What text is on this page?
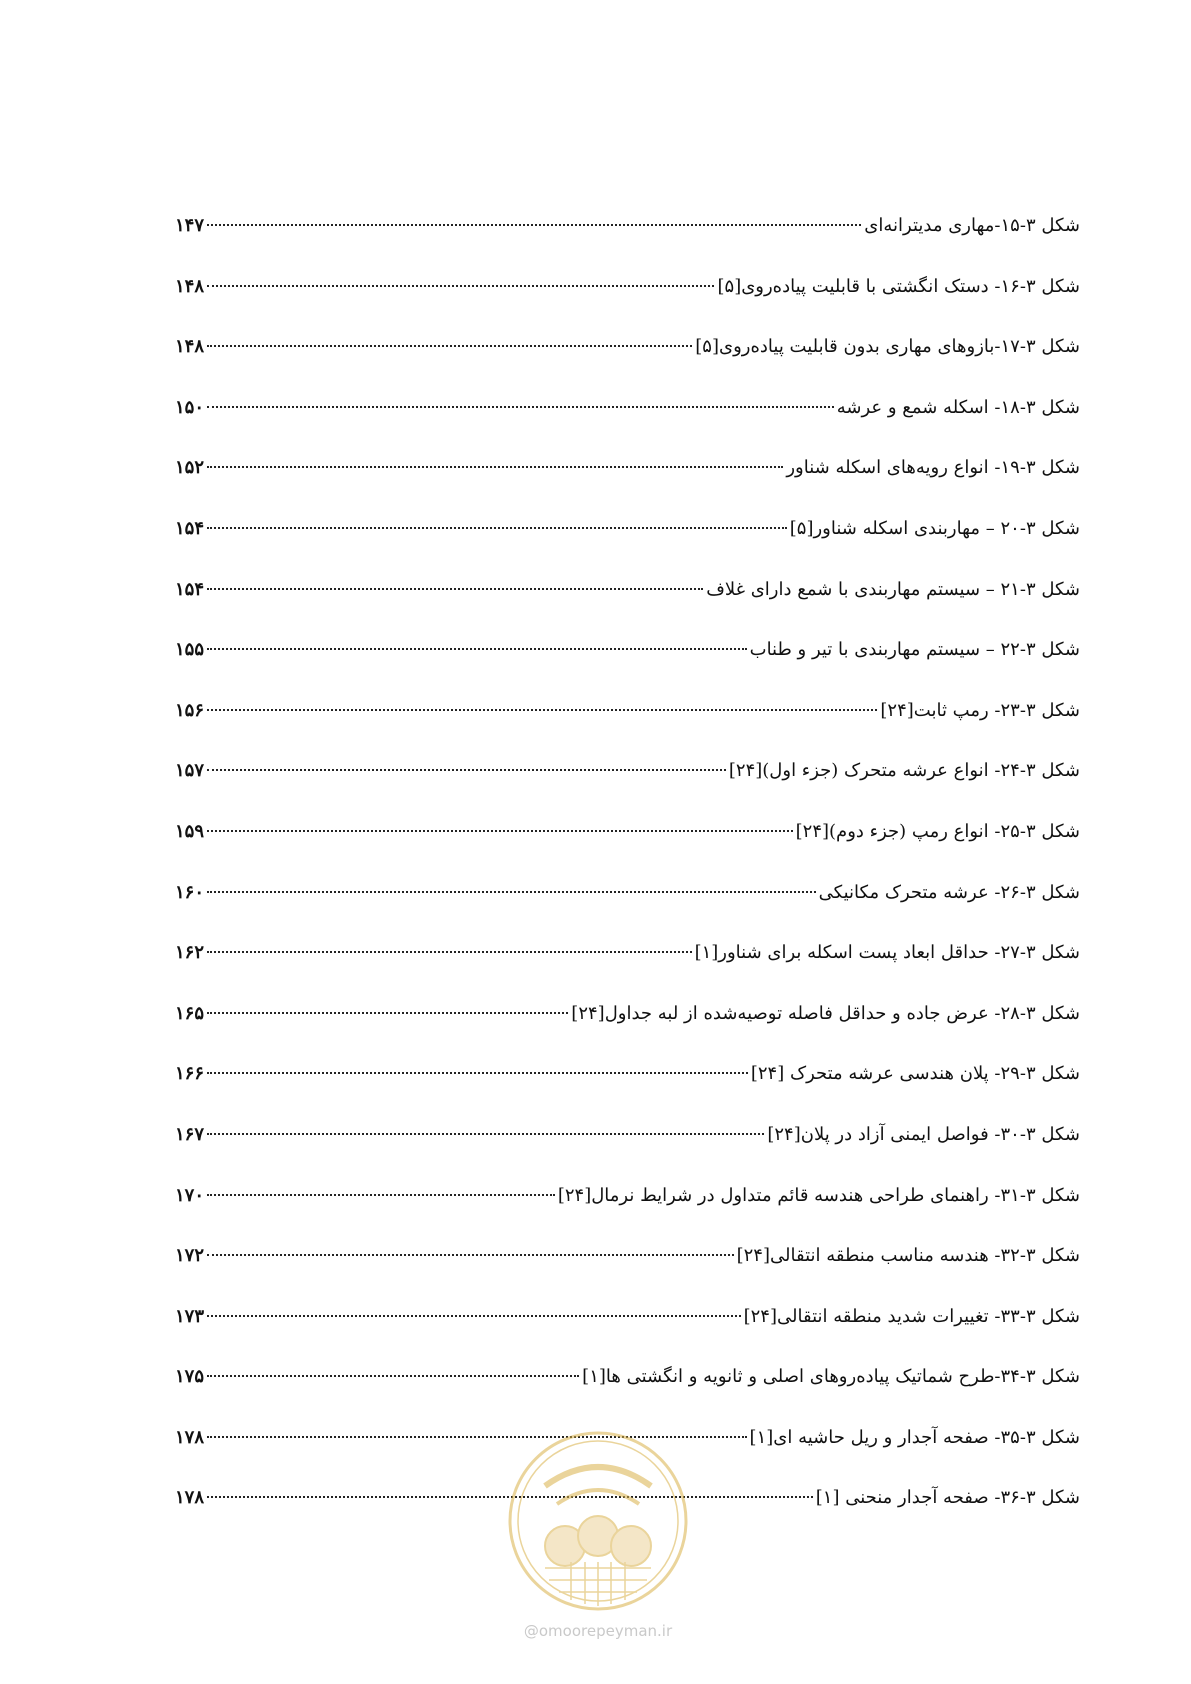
شکل ۳-۱۵-مهاری مدیترانه‌ای
۱۴۷
شکل ۳-۱۶- دستک انگشتی با قابلیت پیاده‌روی[۵]
۱۴۸
شکل ۳-۱۷-بازوهای مهاری بدون قابلیت پیاده‌روی[۵]
۱۴۸
شکل ۳-۱۸- اسکله شمع و عرشه
۱۵۰
شکل ۳-۱۹- انواع رویه‌های اسکله شناور
۱۵۲
شکل ۳-۲۰ – مهاربندی اسکله شناور[۵]
۱۵۴
شکل ۳-۲۱ – سیستم مهاربندی با شمع دارای غلاف
۱۵۴
شکل ۳-۲۲ – سیستم مهاربندی با تیر و طناب
۱۵۵
شکل ۳-۲۳- رمپ ثابت[۲۴]
۱۵۶
شکل ۳-۲۴- انواع عرشه متحرک (جزء اول)[۲۴]
۱۵۷
شکل ۳-۲۵- انواع رمپ (جزء دوم)[۲۴]
۱۵۹
شکل ۳-۲۶- عرشه متحرک مکانیکی
۱۶۰
شکل ۳-۲۷- حداقل ابعاد پست اسکله برای شناور[۱]
۱۶۲
شکل ۳-۲۸- عرض جاده و حداقل فاصله توصیه‌شده از لبه جداول[۲۴]
۱۶۵
شکل ۳-۲۹- پلان هندسی عرشه متحرک [۲۴]
۱۶۶
شکل ۳-۳۰- فواصل ایمنی آزاد در پلان[۲۴]
۱۶۷
شکل ۳-۳۱- راهنمای طراحی هندسه قائم متداول در شرایط نرمال[۲۴]
۱۷۰
شکل ۳-۳۲- هندسه مناسب منطقه انتقالی[۲۴]
۱۷۲
شکل ۳-۳۳- تغییرات شدید منطقه انتقالی[۲۴]
۱۷۳
شکل ۳-۳۴-طرح شماتیک پیاده‌روهای اصلی و ثانویه و انگشتی ها[۱]
۱۷۵
شکل ۳-۳۵- صفحه آجدار و ریل حاشیه ای[۱]
۱۷۸
شکل ۳-۳۶- صفحه آجدار منحنی [۱]
۱۷۸
@omoorepeyman.ir
